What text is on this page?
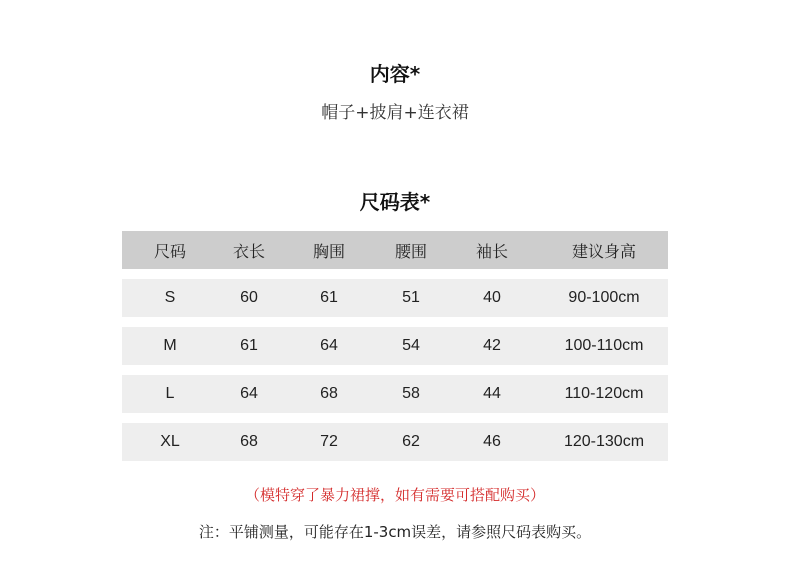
内容*
帽子+披肩+连衣裙
尺码表*
尺码	衣长	胸围	腰围	袖长	建议身高
S	60	61	51	40	90-100cm
M	61	64	54	42	100-110cm
L	64	68	58	44	110-120cm
XL	68	72	62	46	120-130cm
（模特穿了暴力裙撑，如有需要可搭配购买）
注：平铺测量，可能存在1-3cm误差，请参照尺码表购买。
